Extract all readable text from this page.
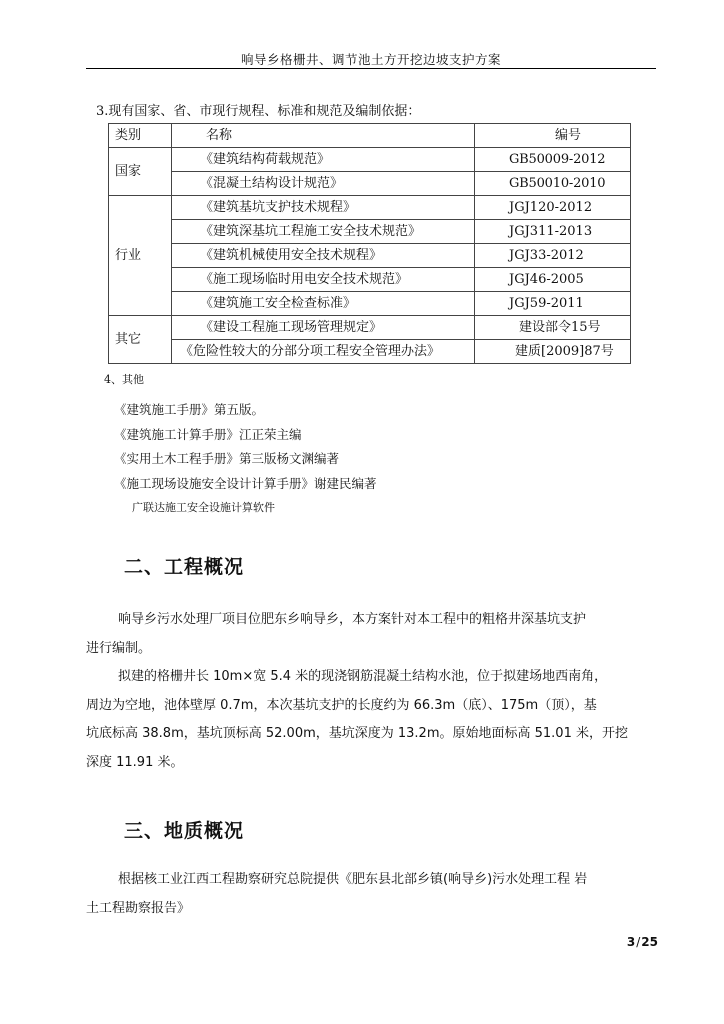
响导乡格栅井、调节池土方开挖边坡支护方案
3.现有国家、省、市现行规程、标准和规范及编制依据：
类别	名称	编号
国家	《建筑结构荷载规范》	GB50009-2012
	《混凝土结构设计规范》	GB50010-2010
行业	《建筑基坑支护技术规程》	JGJ120-2012
	《建筑深基坑工程施工安全技术规范》	JGJ311-2013
	《建筑机械使用安全技术规程》	JGJ33-2012
	《施工现场临时用电安全技术规范》	JGJ46-2005
	《建筑施工安全检查标准》	JGJ59-2011
其它	《建设工程施工现场管理规定》	建设部令15号
	《危险性较大的分部分项工程安全管理办法》	建质[2009]87号
4、其他
《建筑施工手册》第五版。
《建筑施工计算手册》江正荣主编
《实用土木工程手册》第三版杨文渊编著
《施工现场设施安全设计计算手册》谢建民编著
广联达施工安全设施计算软件
二、工程概况
响导乡污水处理厂项目位肥东乡响导乡，本方案针对本工程中的粗格井深基坑支护
进行编制。
拟建的格栅井长 10m×宽 5.4 米的现浇钢筋混凝土结构水池，位于拟建场地西南角，
周边为空地，池体壁厚 0.7m，本次基坑支护的长度约为 66.3m（底）、175m（顶），基
坑底标高 38.8m，基坑顶标高 52.00m，基坑深度为 13.2m。原始地面标高 51.01 米，开挖
深度 11.91 米。
三、地质概况
根据核工业江西工程勘察研究总院提供《肥东县北部乡镇(响导乡)污水处理工程 岩
土工程勘察报告》
3/25
